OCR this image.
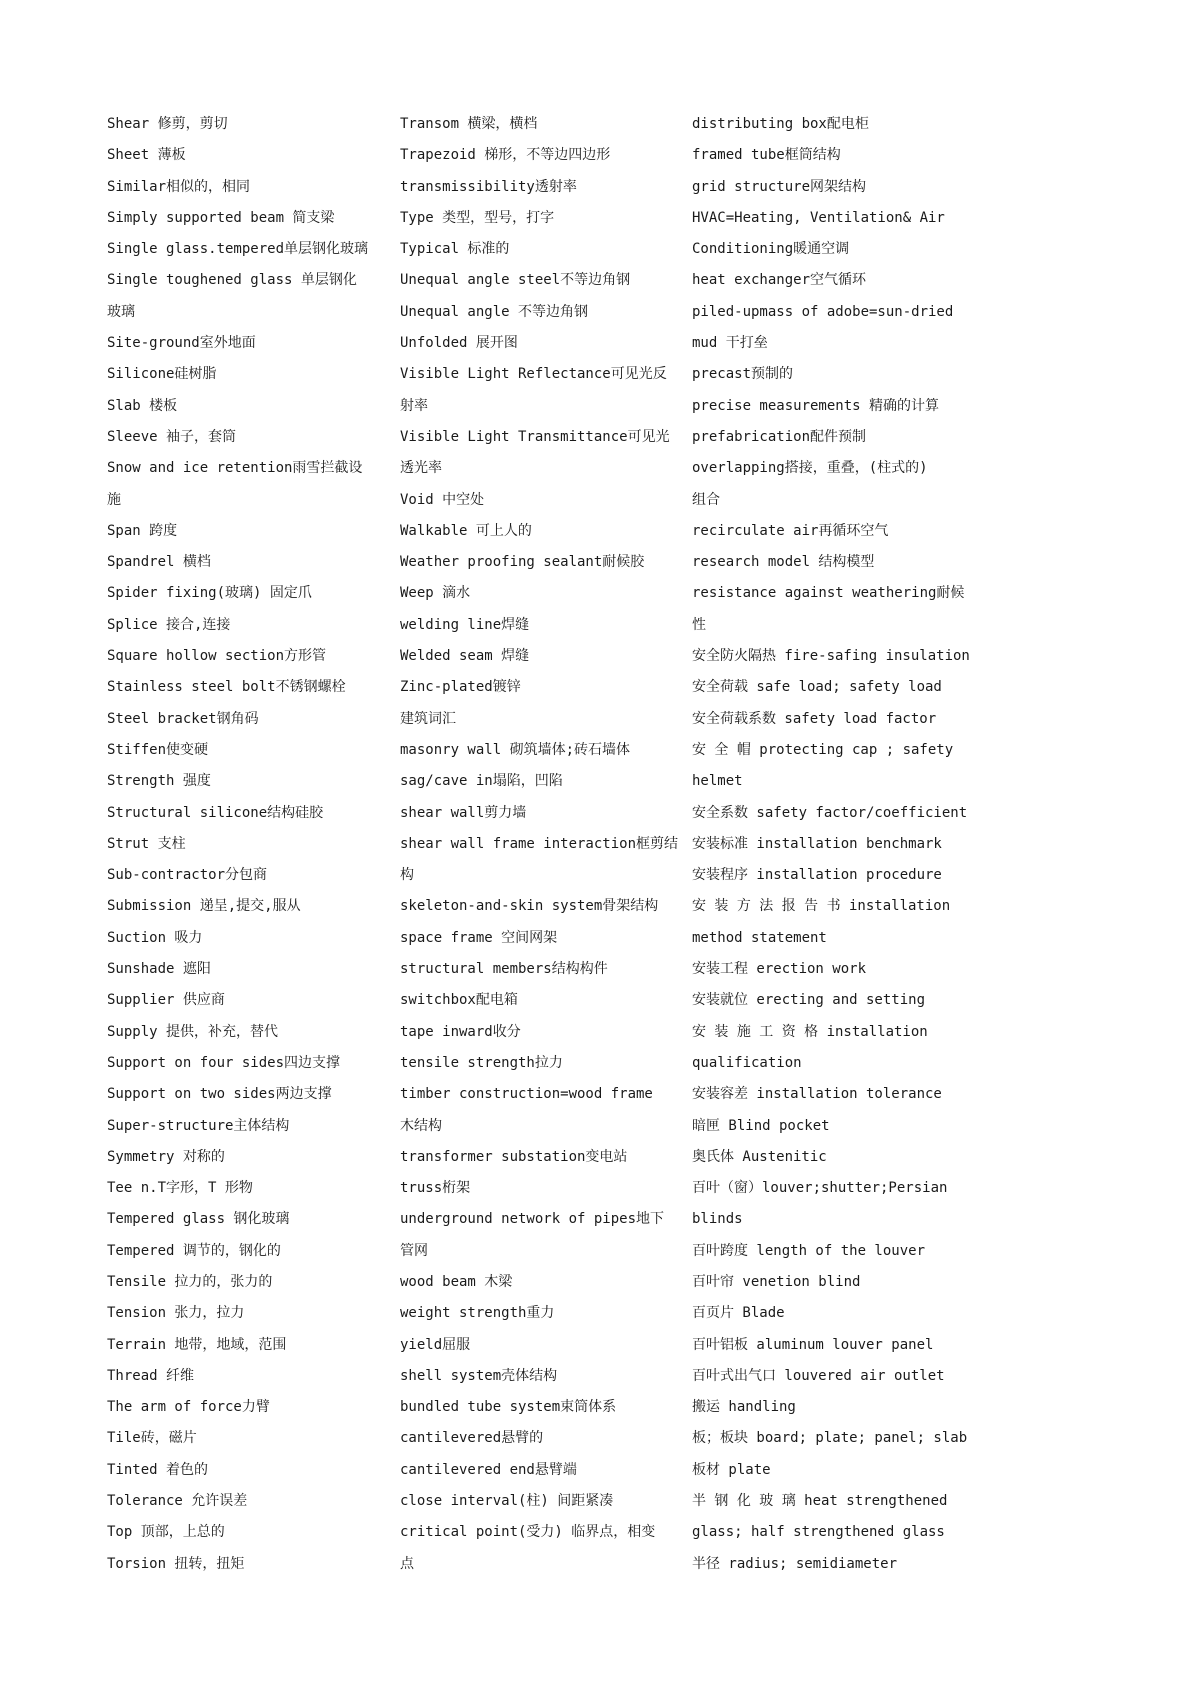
Shear 修剪，剪切
Sheet 薄板
Similar相似的，相同
Simply supported beam 简支梁
Single glass.tempered单层钢化玻璃
Single toughened glass 单层钢化
玻璃
Site-ground室外地面
Silicone硅树脂
Slab 楼板
Sleeve 袖子，套筒
Snow and ice retention雨雪拦截设
施
Span 跨度
Spandrel 横档
Spider fixing(玻璃) 固定爪
Splice 接合,连接
Square hollow section方形管
Stainless steel bolt不锈钢螺栓
Steel bracket钢角码
Stiffen使变硬
Strength 强度
Structural silicone结构硅胶
Strut 支柱
Sub-contractor分包商
Submission 递呈,提交,服从
Suction 吸力
Sunshade 遮阳
Supplier 供应商
Supply 提供，补充，替代
Support on four sides四边支撑
Support on two sides两边支撑
Super-structure主体结构
Symmetry 对称的
Tee n.T字形，T 形物
Tempered glass 钢化玻璃
Tempered 调节的，钢化的
Tensile 拉力的，张力的
Tension 张力，拉力
Terrain 地带，地域，范围
Thread 纤维
The arm of force力臂
Tile砖，磁片
Tinted 着色的
Tolerance 允许误差
Top 顶部，上总的
Torsion 扭转，扭矩
Transom 横梁，横档
Trapezoid 梯形，不等边四边形
transmissibility透射率
Type 类型，型号，打字
Typical 标准的
Unequal angle steel不等边角钢
Unequal angle 不等边角钢
Unfolded 展开图
Visible Light Reflectance可见光反
射率
Visible Light Transmittance可见光
透光率
Void 中空处
Walkable 可上人的
Weather proofing sealant耐候胶
Weep 滴水
welding line焊缝
Welded seam 焊缝
Zinc-plated镀锌
建筑词汇
masonry wall 砌筑墙体;砖石墙体
sag/cave in塌陷，凹陷
shear wall剪力墙
shear wall frame interaction框剪结
构
skeleton-and-skin system骨架结构
space frame 空间网架
structural members结构构件
switchbox配电箱
tape inward收分
tensile strength拉力
timber construction=wood frame
木结构
transformer substation变电站
truss桁架
underground network of pipes地下
管网
wood beam 木梁
weight strength重力
yield屈服
shell system壳体结构
bundled tube system束筒体系
cantilevered悬臂的
cantilevered end悬臂端
close interval(柱) 间距紧凑
critical point(受力) 临界点，相变
点
distributing box配电柜
framed tube框筒结构
grid structure网架结构
HVAC=Heating, Ventilation& Air
Conditioning暖通空调
heat exchanger空气循环
piled-upmass of adobe=sun-dried
mud 干打垒
precast预制的
precise measurements 精确的计算
prefabrication配件预制
overlapping搭接，重叠，(柱式的)
组合
recirculate air再循环空气
research model 结构模型
resistance against weathering耐候
性
安全防火隔热 fire-safing insulation
安全荷载 safe load; safety load
安全荷载系数 safety load factor
安 全 帽 protecting cap ; safety
helmet
安全系数 safety factor/coefficient
安装标准 installation benchmark
安装程序 installation procedure
安 装 方 法 报 告 书 installation
method statement
安装工程 erection work
安装就位 erecting and setting
安 装 施 工 资 格 installation
qualification
安装容差 installation tolerance
暗匣 Blind pocket
奥氏体 Austenitic
百叶（窗）louver;shutter;Persian
blinds
百叶跨度 length of the louver
百叶帘 venetion blind
百页片 Blade
百叶铝板 aluminum louver panel
百叶式出气口 louvered air outlet
搬运 handling
板；板块 board; plate; panel; slab
板材 plate
半 钢 化 玻 璃 heat strengthened
glass; half strengthened glass
半径 radius; semidiameter
